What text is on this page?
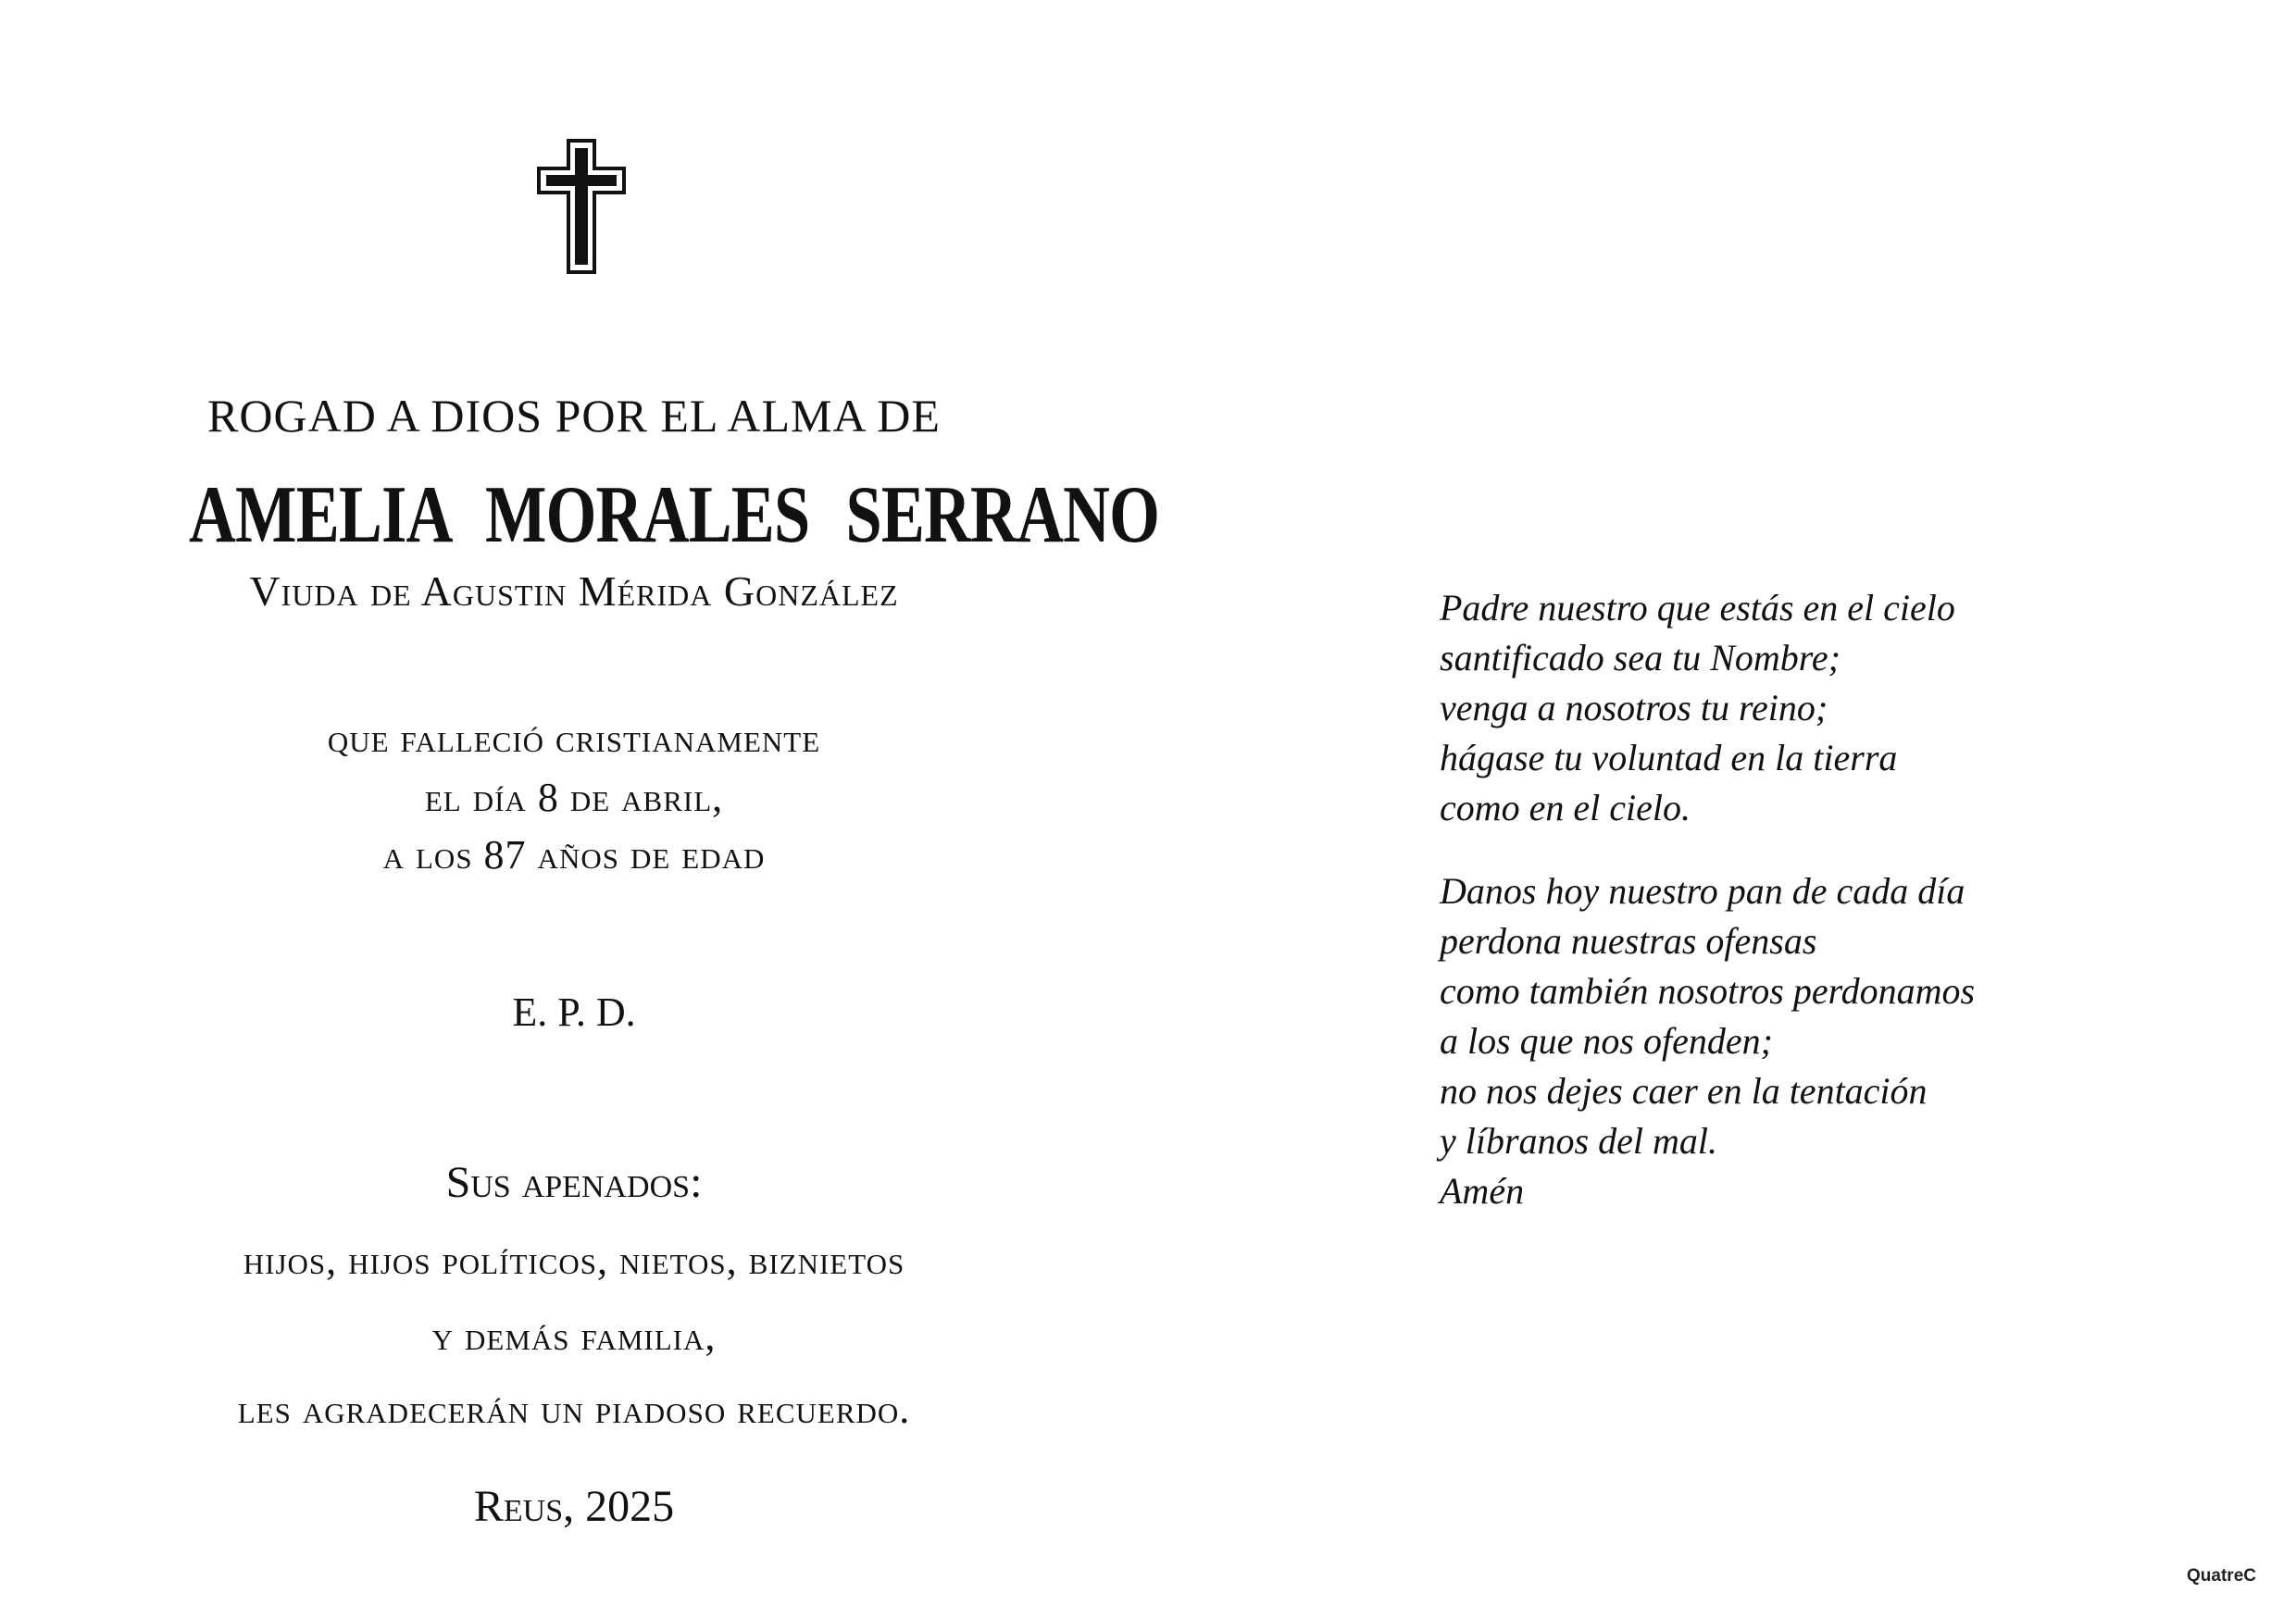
ROGAD A DIOS POR EL ALMA DE
AMELIA MORALES SERRANO
Viuda de Agustin Mérida González
que falleció cristianamente
el día 8 de abril,
a los 87 años de edad
E. P. D.
Sus apenados:
hijos, hijos políticos, nietos, biznietos
y demás familia,
les agradecerán un piadoso recuerdo.
Reus, 2025
Padre nuestro que estás en el cielo
santificado sea tu Nombre;
venga a nosotros tu reino;
hágase tu voluntad en la tierra
como en el cielo.
Danos hoy nuestro pan de cada día
perdona nuestras ofensas
como también nosotros perdonamos
a los que nos ofenden;
no nos dejes caer en la tentación
y líbranos del mal.
Amén
QuatreC
